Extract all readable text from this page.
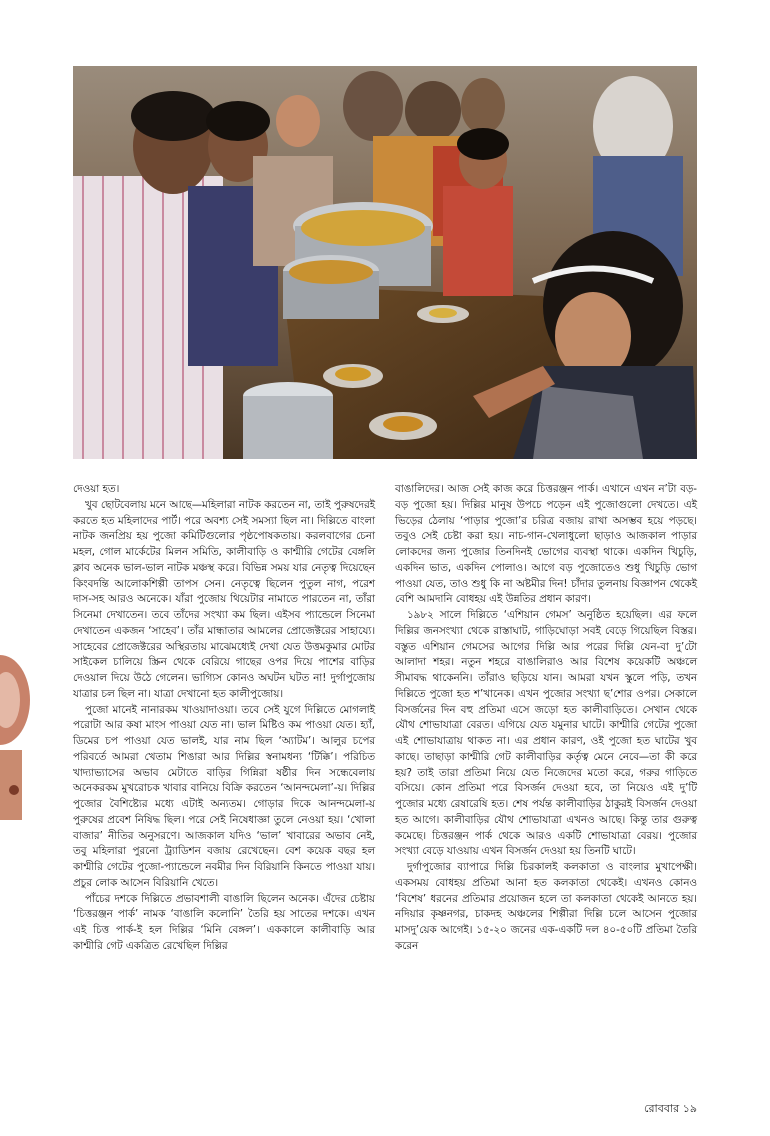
দেওয়া হত।

খুব ছোটবেলায় মনে আছে—মহিলারা নাটক করতেন না, তাই পুরুষদেরই করতে হত মহিলাদের পার্ট। পরে অবশ্য সেই সমস্যা ছিল না। দিল্লিতে বাংলা নাটক জনপ্রিয় হয় পুজো কমিটিগুলোর পৃষ্ঠপোষকতায়। করলবাগের চেনা মহল, গোল মার্কেটের মিলন সমিতি, কালীবাড়ি ও কাশ্মীরি গেটের বেঙ্গলি ক্লাব অনেক ভাল-ভাল নাটক মঞ্চস্থ করে। বিভিন্ন সময় যার নেতৃত্ব দিয়েছেন কিংবদন্তি আলোকশিল্পী তাপস সেন। নেতৃত্বে ছিলেন পুতুল নাগ, পরেশ দাস-সহ আরও অনেকে। যাঁরা পুজোয় থিয়েটার নামাতে পারতেন না, তাঁরা সিনেমা দেখাতেন। তবে তাঁদের সংখ্যা কম ছিল। এইসব প্যান্ডেলে সিনেমা দেখাতেন একজন ‘সাহেব’। তাঁর মান্ধাতার আমলের প্রোজেক্টরের সাহায্যে। সাহেবের প্রোজেক্টরের অস্থিরতায় মাঝেমধ্যেই দেখা যেত উত্তমকুমার মোটর সাইকেল চালিয়ে স্ক্রিন থেকে বেরিয়ে গাছের ওপর দিয়ে পাশের বাড়ির দেওয়াল দিয়ে উঠে গেলেন। ভাগ্যিস কোনও অঘটন ঘটত না! দুর্গাপুজোয় যাত্রার চল ছিল না। যাত্রা দেখানো হত কালীপুজোয়।

পুজো মানেই নানারকম খাওয়াদাওয়া। তবে সেই যুগে দিল্লিতে মোগলাই পরোটা আর কষা মাংস পাওয়া যেত না। ভাল মিষ্টিও কম পাওয়া যেত। হ্যাঁ, ডিমের চপ পাওয়া যেত ভালই, যার নাম ছিল ‘অ্যাটম’। আলুর চপের পরিবর্তে আমরা খেতাম শিঙারা আর দিল্লির স্বনামধন্য ‘টিক্কি’। পরিচিত খাদ্যাভ্যাসের অভাব মেটাতে বাড়ির গিন্নিরা ষষ্ঠীর দিন সন্ধেবেলায় অনেকরকম মুখরোচক খাবার বানিয়ে বিক্রি করতেন ‘আনন্দমেলা’-য়। দিল্লির পুজোর বৈশিষ্ট্যের মধ্যে এটাই অন্যতম। গোড়ার দিকে আনন্দমেলা-য় পুরুষের প্রবেশ নিষিদ্ধ ছিল। পরে সেই নিষেধাজ্ঞা তুলে নেওয়া হয়। ‘খোলা বাজার’ নীতির অনুসরণে। আজকাল যদিও ‘ভাল’ খাবারের অভাব নেই, তবু মহিলারা পুরনো ট্র্যাডিশন বজায় রেখেছেন। বেশ কয়েক বছর হল কাশ্মীরি গেটের পুজো-প্যান্ডেলে নবমীর দিন বিরিয়ানি কিনতে পাওয়া যায়। প্রচুর লোক আসেন বিরিয়ানি খেতে।

পাঁচের দশকে দিল্লিতে প্রভাবশালী বাঙালি ছিলেন অনেক। এঁদের চেষ্টায় ‘চিত্তরঞ্জন পার্ক’ নামক ‘বাঙালি কলোনি’ তৈরি হয় সাতের দশকে। এখন এই চিত্ত পার্ক-ই হল দিল্লির ‘মিনি বেঙ্গল’। এককালে কালীবাড়ি আর কাশ্মীরি গেট একত্রিত রেখেছিল দিল্লির

বাঙালিদের। আজ সেই কাজ করে চিত্তরঞ্জন পার্ক। এখানে এখন ন’টা বড়-বড় পুজো হয়। দিল্লির মানুষ উপচে পড়েন এই পুজোগুলো দেখতে। এই ভিড়ের ঠেলায় ‘পাড়ার পুজো’র চরিত্র বজায় রাখা অসম্ভব হয়ে পড়ছে। তবুও সেই চেষ্টা করা হয়। নাচ-গান-খেলাধুলো ছাড়াও আজকাল পাড়ার লোকদের জন্য পুজোর তিনদিনই ভোগের ব্যবস্থা থাকে। একদিন খিচুড়ি, একদিন ভাত, একদিন পোলাও। আগে বড় পুজোতেও শুধু খিচুড়ি ভোগ পাওয়া যেত, তাও শুধু কি না অষ্টমীর দিন! চাঁদার তুলনায় বিজ্ঞাপন থেকেই বেশি আমদানি বোধহয় এই উন্নতির প্রধান কারণ।

১৯৮২ সালে দিল্লিতে ‘এশিয়ান গেমস’ অনুষ্ঠিত হয়েছিল। এর ফলে দিল্লির জনসংখ্যা থেকে রাস্তাঘাট, গাড়িঘোড়া সবই বেড়ে গিয়েছিল বিস্তর। বস্তুত এশিয়ান গেমসের আগের দিল্লি আর পরের দিল্লি যেন-বা দু’টো আলাদা শহর। নতুন শহরে বাঙালিরাও আর বিশেষ কয়েকটি অঞ্চলে সীমাবদ্ধ থাকেননি। তাঁরাও ছড়িয়ে যান। আমরা যখন স্কুলে পড়ি, তখন দিল্লিতে পুজো হত শ’খানেক। এখন পুজোর সংখ্যা ছ’শোর ওপর। সেকালে বিসর্জনের দিন বহু প্রতিমা এসে জড়ো হত কালীবাড়িতে। সেখান থেকে যৌথ শোভাযাত্রা বেরত। এগিয়ে যেত যমুনার ঘাটে। কাশ্মীরি গেটের পুজো এই শোভাযাত্রায় থাকত না। এর প্রধান কারণ, ওই পুজো হত ঘাটের খুব কাছে। তাছাড়া কাশ্মীরি গেট কালীবাড়ির কর্তৃত্ব মেনে নেবে—তা কী করে হয়? তাই তারা প্রতিমা নিয়ে যেত নিজেদের মতো করে, গরুর গাড়িতে বসিয়ে। কোন প্রতিমা পরে বিসর্জন দেওয়া হবে, তা নিয়েও এই দু’টি পুজোর মধ্যে রেষারেষি হত। শেষ পর্যন্ত কালীবাড়ির ঠাকুরই বিসর্জন দেওয়া হত আগে। কালীবাড়ির যৌথ শোভাযাত্রা এখনও আছে। কিন্তু তার গুরুত্ব কমেছে। চিত্তরঞ্জন পার্ক থেকে আরও একটি শোভাযাত্রা বেরয়। পুজোর সংখ্যা বেড়ে যাওয়ায় এখন বিসর্জন দেওয়া হয় তিনটি ঘাটে।

দুর্গাপুজোর ব্যাপারে দিল্লি চিরকালই কলকাতা ও বাংলার মুখাপেক্ষী। একসময় বোধহয় প্রতিমা আনা হত কলকাতা থেকেই। এখনও কোনও ‘বিশেষ’ ধরনের প্রতিমার প্রয়োজন হলে তা কলকাতা থেকেই আনতে হয়। নদিয়ার কৃষ্ণনগর, চাকদহ অঞ্চলের শিল্পীরা দিল্লি চলে আসেন পুজোর মাসদু’য়েক আগেই। ১৫-২০ জনের এক-একটি দল ৪০-৫০টি প্রতিমা তৈরি করেন

রোববার ১৯
